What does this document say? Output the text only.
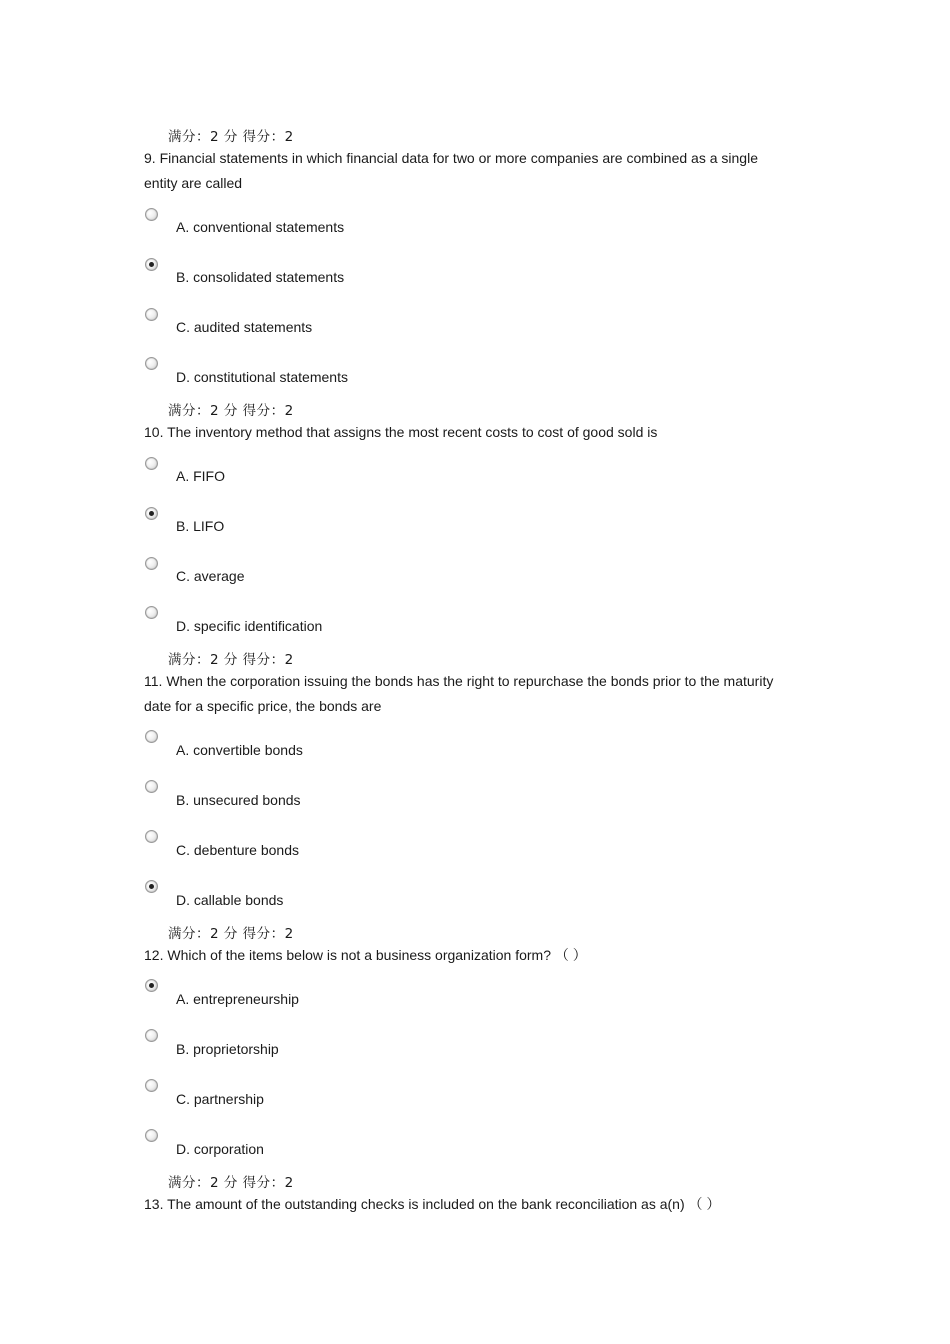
满分：2 分 得分：2
满分：2 分 得分：2
满分：2 分 得分：2
满分：2 分 得分：2
满分：2 分 得分：2
9. Financial statements in which financial data for two or more companies are combined as a single entity are called
A. conventional statements
B. consolidated statements
C. audited statements
D. constitutional statements
10. The inventory method that assigns the most recent costs to cost of good sold is
A. FIFO
B. LIFO
C. average
D. specific identification
11. When the corporation issuing the bonds has the right to repurchase the bonds prior to the maturity date for a specific price, the bonds are
A. convertible bonds
B. unsecured bonds
C. debenture bonds
D. callable bonds
12. Which of the items below is not a business organization form? （ ）
A. entrepreneurship
B. proprietorship
C. partnership
D. corporation
13. The amount of the outstanding checks is included on the bank reconciliation as a(n) （ ）
